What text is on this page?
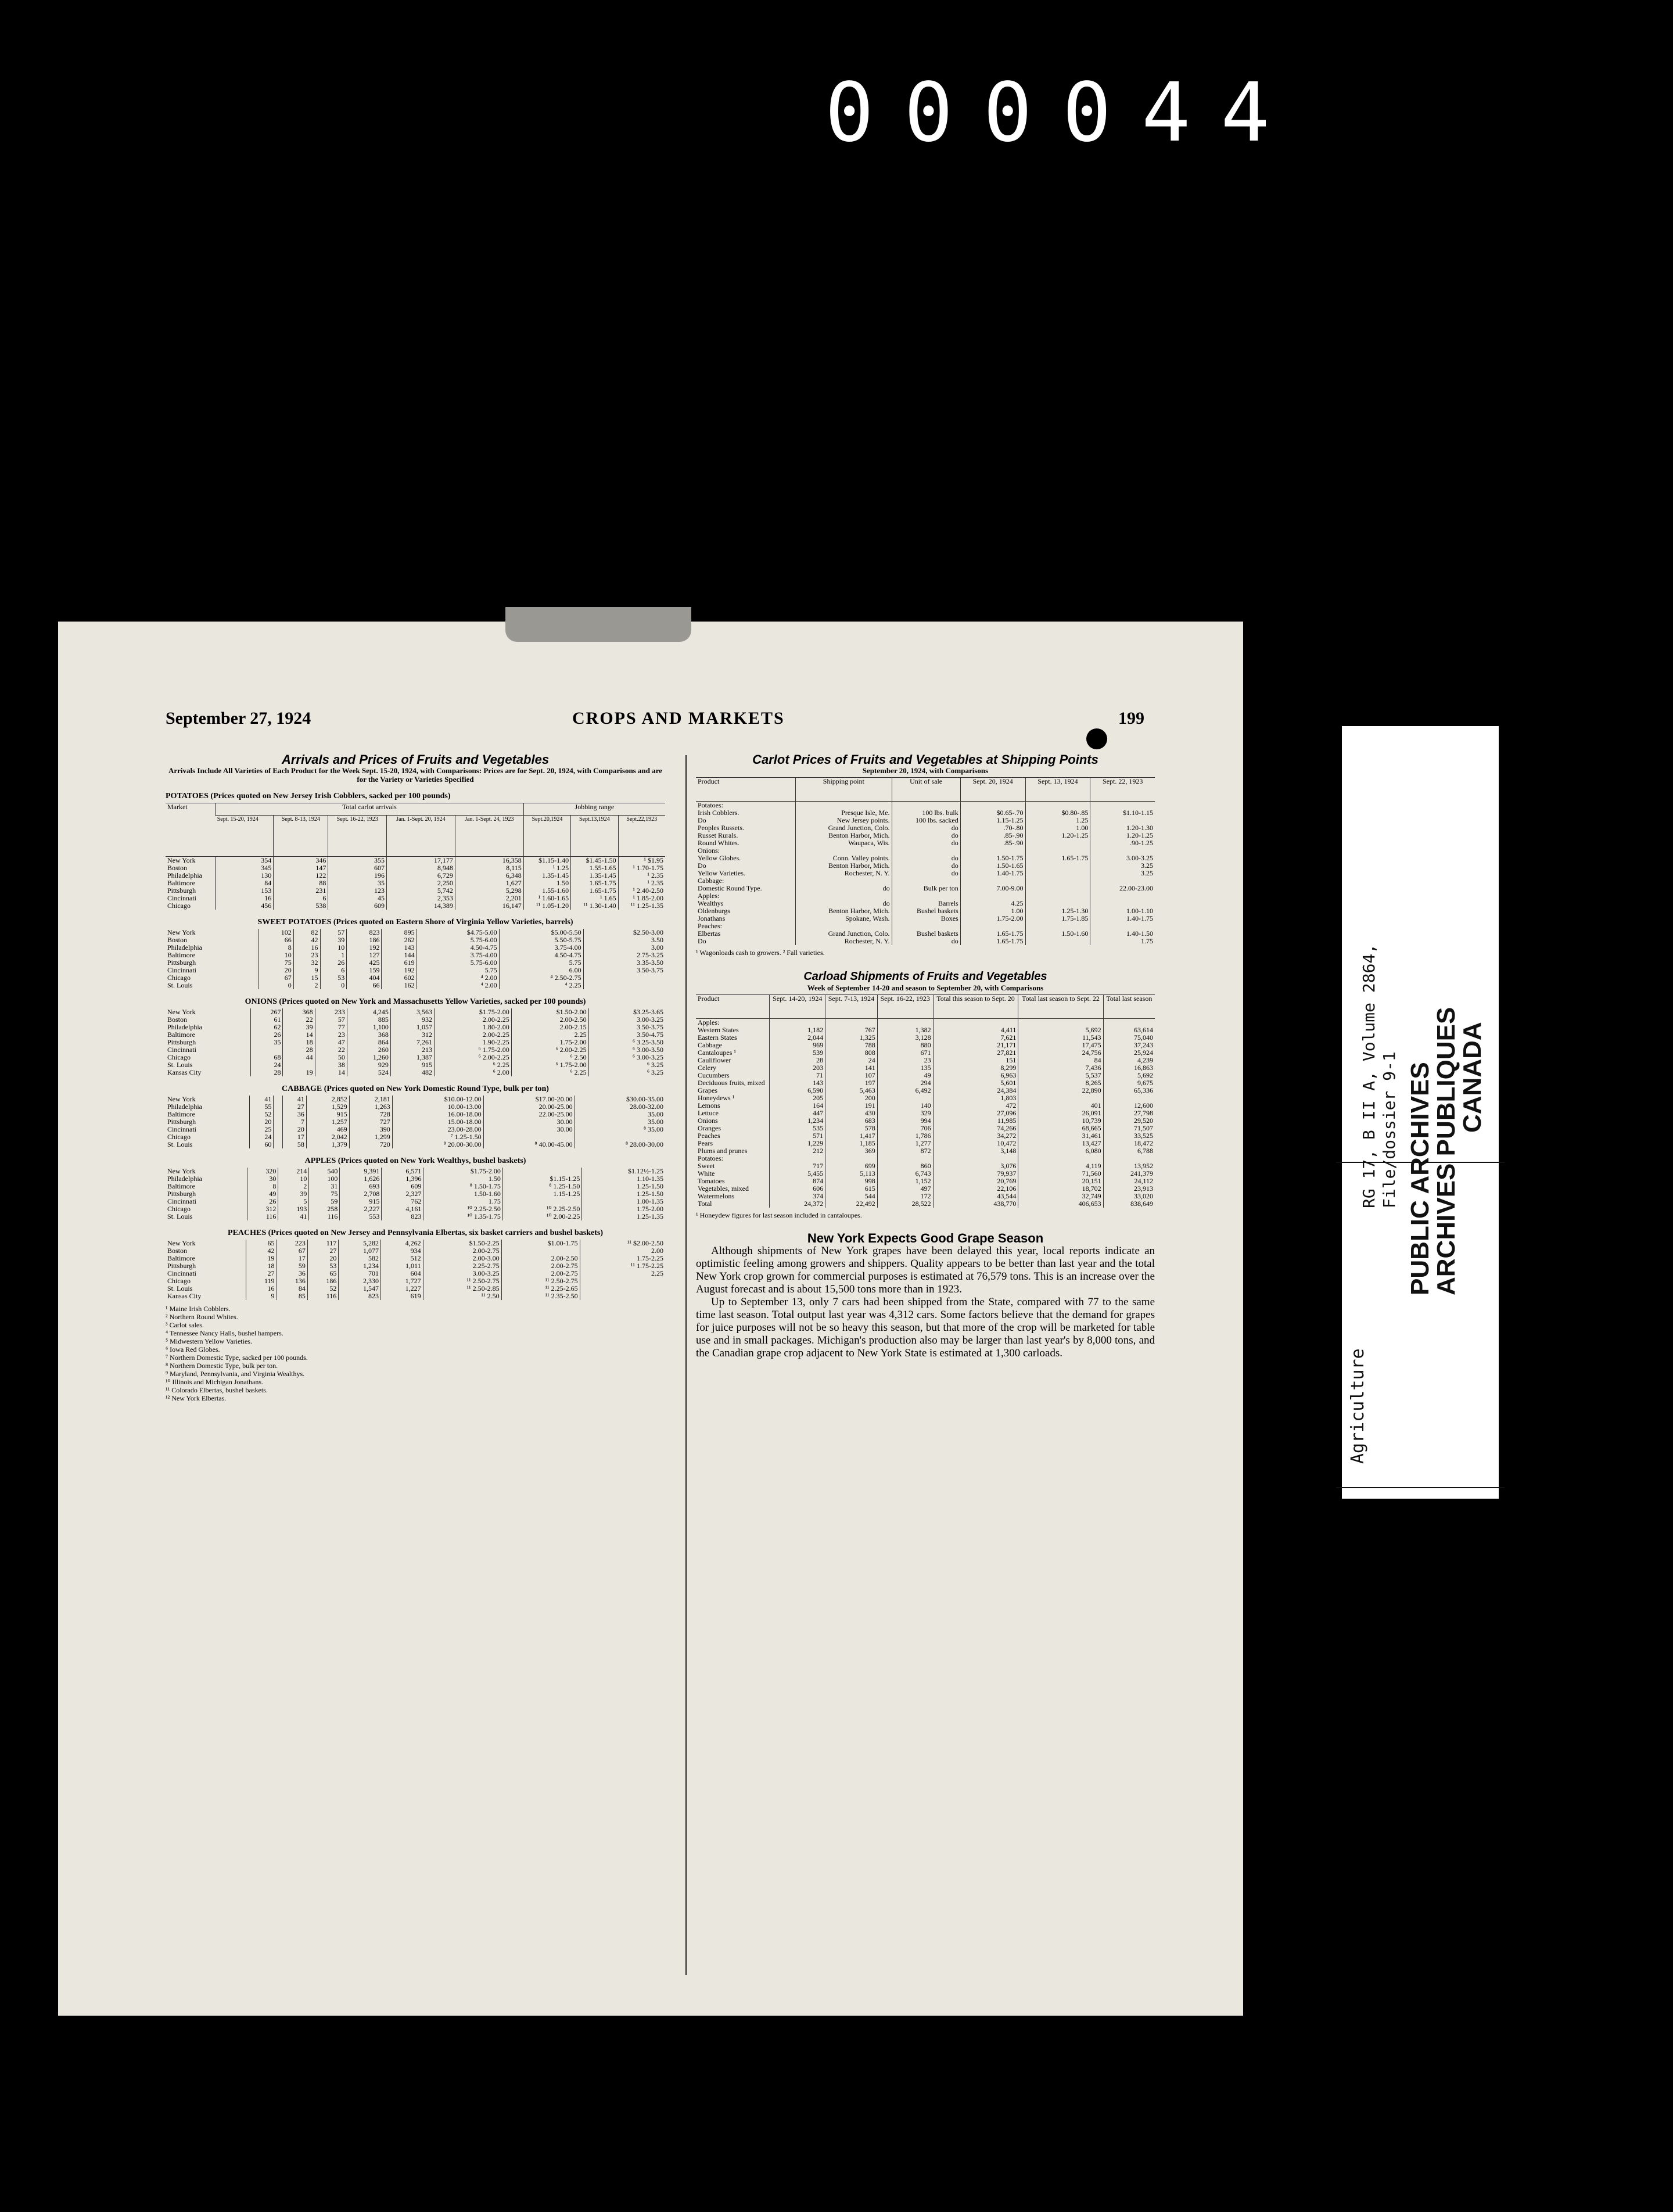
000044
September 27, 1924	CROPS AND MARKETS	199
Arrivals and Prices of Fruits and Vegetables
Arrivals Include All Varieties of Each Product for the Week Sept. 15-20, 1924, with Comparisons: Prices are for Sept. 20, 1924, with Comparisons and are for the Variety or Varieties Specified
POTATOES (Prices quoted on New Jersey Irish Cobblers, sacked per 100 pounds)
Market	Total carlot arrivals					Jobbing range		
	Sept. 15-20, 1924	Sept. 8-13, 1924	Sept. 16-22, 1923	Jan. 1-Sept. 20, 1924	Jan. 1-Sept. 24, 1923	Sept.20,1924	Sept.13,1924	Sept.22,1923
New York	354	346	355	17,177	16,358	$1.15-1.40	$1.45-1.50	¹ $1.95
Boston	345	147	607	8,948	8,115	¹ 1.25	1.55-1.65	¹ 1.70-1.75
Philadelphia	130	122	196	6,729	6,348	1.35-1.45	1.35-1.45	¹ 2.35
Baltimore	84	88	35	2,250	1,627	1.50	1.65-1.75	¹ 2.35
Pittsburgh	153	231	123	5,742	5,298	1.55-1.60	1.65-1.75	¹ 2.40-2.50
Cincinnati	16	6	45	2,353	2,201	¹ 1.60-1.65	¹ 1.65	¹ 1.85-2.00
Chicago	456	538	609	14,389	16,147	¹¹ 1.05-1.20	¹¹ 1.30-1.40	¹¹ 1.25-1.35
SWEET POTATOES (Prices quoted on Eastern Shore of Virginia Yellow Varieties, barrels)
New York	102	82	57	823	895	$4.75-5.00	$5.00-5.50	$2.50-3.00
Boston	66	42	39	186	262	5.75-6.00	5.50-5.75	3.50
Philadelphia	8	16	10	192	143	4.50-4.75	3.75-4.00	3.00
Baltimore	10	23	1	127	144	3.75-4.00	4.50-4.75	2.75-3.25
Pittsburgh	75	32	26	425	619	5.75-6.00	5.75	3.35-3.50
Cincinnati	20	9	6	159	192	5.75	6.00	3.50-3.75
Chicago	67	15	53	404	602	⁴ 2.00	⁴ 2.50-2.75	
St. Louis	0	2	0	66	162	⁴ 2.00	⁴ 2.25	
ONIONS (Prices quoted on New York and Massachusetts Yellow Varieties, sacked per 100 pounds)
New York	267	368	233	4,245	3,563	$1.75-2.00	$1.50-2.00	$3.25-3.65
Boston	61	22	57	885	932	2.00-2.25	2.00-2.50	3.00-3.25
Philadelphia	62	39	77	1,100	1,057	1.80-2.00	2.00-2.15	3.50-3.75
Baltimore	26	14	23	368	312	2.00-2.25	2.25	3.50-4.75
Pittsburgh	35	18	47	864	7,261	1.90-2.25	1.75-2.00	⁶ 3.25-3.50
Cincinnati		28	22	260	213	⁶ 1.75-2.00	⁶ 2.00-2.25	⁶ 3.00-3.50
Chicago	68	44	50	1,260	1,387	⁶ 2.00-2.25	⁶ 2.50	⁶ 3.00-3.25
St. Louis	24		38	929	915	⁶ 2.25	⁶ 1.75-2.00	⁶ 3.25
Kansas City	28	19	14	524	482	⁶ 2.00	⁶ 2.25	⁶ 3.25
CABBAGE (Prices quoted on New York Domestic Round Type, bulk per ton)
New York	41		41	2,852	2,181	$10.00-12.00	$17.00-20.00	$30.00-35.00
Philadelphia	55		27	1,529	1,263	10.00-13.00	20.00-25.00	28.00-32.00
Baltimore	52		36	915	728	16.00-18.00	22.00-25.00	35.00
Pittsburgh	20		7	1,257	727	15.00-18.00	30.00	35.00
Cincinnati	25		20	469	390	23.00-28.00	30.00	⁸ 35.00
Chicago	24		17	2,042	1,299	⁷ 1.25-1.50		
St. Louis	60		58	1,379	720	⁸ 20.00-30.00	⁸ 40.00-45.00	⁸ 28.00-30.00
APPLES (Prices quoted on New York Wealthys, bushel baskets)
New York	320	214	540	9,391	6,571	$1.75-2.00		$1.12½-1.25
Philadelphia	30	10	100	1,626	1,396	1.50	$1.15-1.25	1.10-1.35
Baltimore	8	2	31	693	609	⁸ 1.50-1.75	⁸ 1.25-1.50	1.25-1.50
Pittsburgh	49	39	75	2,708	2,327	1.50-1.60	1.15-1.25	1.25-1.50
Cincinnati	26	5	59	915	762	1.75		1.00-1.35
Chicago	312	193	258	2,227	4,161	¹⁰ 2.25-2.50	¹⁰ 2.25-2.50	1.75-2.00
St. Louis	116	41	116	553	823	¹⁰ 1.35-1.75	¹⁰ 2.00-2.25	1.25-1.35
PEACHES (Prices quoted on New Jersey and Pennsylvania Elbertas, six basket carriers and bushel baskets)
New York	65	223	117	5,282	4,262	$1.50-2.25	$1.00-1.75	¹¹ $2.00-2.50
Boston	42	67	27	1,077	934	2.00-2.75		2.00
Baltimore	19	17	20	582	512	2.00-3.00	2.00-2.50	1.75-2.25
Pittsburgh	18	59	53	1,234	1,011	2.25-2.75	2.00-2.75	¹¹ 1.75-2.25
Cincinnati	27	36	65	701	604	3.00-3.25	2.00-2.75	2.25
Chicago	119	136	186	2,330	1,727	¹¹ 2.50-2.75	¹¹ 2.50-2.75	
St. Louis	16	84	52	1,547	1,227	¹¹ 2.50-2.85	¹¹ 2.25-2.65	
Kansas City	9	85	116	823	619	¹¹ 2.50	¹¹ 2.35-2.50	
¹ Maine Irish Cobblers.
² Northern Round Whites.
³ Carlot sales.
⁴ Tennessee Nancy Halls, bushel hampers.
⁵ Midwestern Yellow Varieties.
⁶ Iowa Red Globes.
⁷ Northern Domestic Type, sacked per 100 pounds.
⁸ Northern Domestic Type, bulk per ton.
⁹ Maryland, Pennsylvania, and Virginia Wealthys.
¹⁰ Illinois and Michigan Jonathans.
¹¹ Colorado Elbertas, bushel baskets.
¹² New York Elbertas.
Carlot Prices of Fruits and Vegetables at Shipping Points
September 20, 1924, with Comparisons
Product	Shipping point	Unit of sale	Sept. 20, 1924	Sept. 13, 1924	Sept. 22, 1923
Potatoes:					
Irish Cobblers.	Presque Isle, Me.	100 lbs. bulk	$0.65-.70	$0.80-.85	$1.10-1.15
Do	New Jersey points.	100 lbs. sacked	1.15-1.25	1.25	
Peoples Russets.	Grand Junction, Colo.	do	.70-.80	1.00	1.20-1.30
Russet Rurals.	Benton Harbor, Mich.	do	.85-.90	1.20-1.25	1.20-1.25
Round Whites.	Waupaca, Wis.	do	.85-.90		.90-1.25
Onions:					
Yellow Globes.	Conn. Valley points.	do	1.50-1.75	1.65-1.75	3.00-3.25
Do	Benton Harbor, Mich.	do	1.50-1.65		3.25
Yellow Varieties.	Rochester, N. Y.	do	1.40-1.75		3.25
Cabbage:					
Domestic Round Type.	do	Bulk per ton	7.00-9.00		22.00-23.00
Apples:					
Wealthys	do	Barrels	4.25		
Oldenburgs	Benton Harbor, Mich.	Bushel baskets	1.00	1.25-1.30	1.00-1.10
Jonathans	Spokane, Wash.	Boxes	1.75-2.00	1.75-1.85	1.40-1.75
Peaches:					
Elbertas	Grand Junction, Colo.	Bushel baskets	1.65-1.75	1.50-1.60	1.40-1.50
Do	Rochester, N. Y.	do	1.65-1.75		1.75
¹ Wagonloads cash to growers. ² Fall varieties.
Carload Shipments of Fruits and Vegetables
Week of September 14-20 and season to September 20, with Comparisons
Product	Sept. 14-20, 1924	Sept. 7-13, 1924	Sept. 16-22, 1923	Total this season to Sept. 20	Total last season to Sept. 22	Total last season
Apples:						
Western States	1,182	767	1,382	4,411	5,692	63,614
Eastern States	2,044	1,325	3,128	7,621	11,543	75,040
Cabbage	969	788	880	21,171	17,475	37,243
Cantaloupes ¹	539	808	671	27,821	24,756	25,924
Cauliflower	28	24	23	151	84	4,239
Celery	203	141	135	8,299	7,436	16,863
Cucumbers	71	107	49	6,963	5,537	5,692
Deciduous fruits, mixed	143	197	294	5,601	8,265	9,675
Grapes	6,590	5,463	6,492	24,384	22,890	65,336
Honeydews ¹	205	200		1,803		
Lemons	164	191	140	472	401	12,600
Lettuce	447	430	329	27,096	26,091	27,798
Onions	1,234	683	994	11,985	10,739	29,520
Oranges	535	578	706	74,266	68,665	71,507
Peaches	571	1,417	1,786	34,272	31,461	33,525
Pears	1,229	1,185	1,277	10,472	13,427	18,472
Plums and prunes	212	369	872	3,148	6,080	6,788
Potatoes:						
Sweet	717	699	860	3,076	4,119	13,952
White	5,455	5,113	6,743	79,937	71,560	241,379
Tomatoes	874	998	1,152	20,769	20,151	24,112
Vegetables, mixed	606	615	497	22,106	18,702	23,913
Watermelons	374	544	172	43,544	32,749	33,020
Total	24,372	22,492	28,522	438,770	406,653	838,649
¹ Honeydew figures for last season included in cantaloupes.
New York Expects Good Grape Season

Although shipments of New York grapes have been delayed this year, local reports indicate an optimistic feeling among growers and shippers. Quality appears to be better than last year and the total New York crop grown for commercial purposes is estimated at 76,579 tons. This is an increase over the August forecast and is about 15,500 tons more than in 1923.

Up to September 13, only 7 cars had been shipped from the State, compared with 77 to the same time last season. Total output last year was 4,312 cars. Some factors believe that the demand for grapes for juice purposes will not be so heavy this season, but that more of the crop will be marketed for table use and in small packages. Michigan's production also may be larger than last year's by 8,000 tons, and the Canadian grape crop adjacent to New York State is estimated at 1,300 carloads.	Agriculture
RG 17, B II A, Volume 2864, File/dossier 9-1 PUBLIC ARCHIVES
ARCHIVES PUBLIQUES
CANADA
